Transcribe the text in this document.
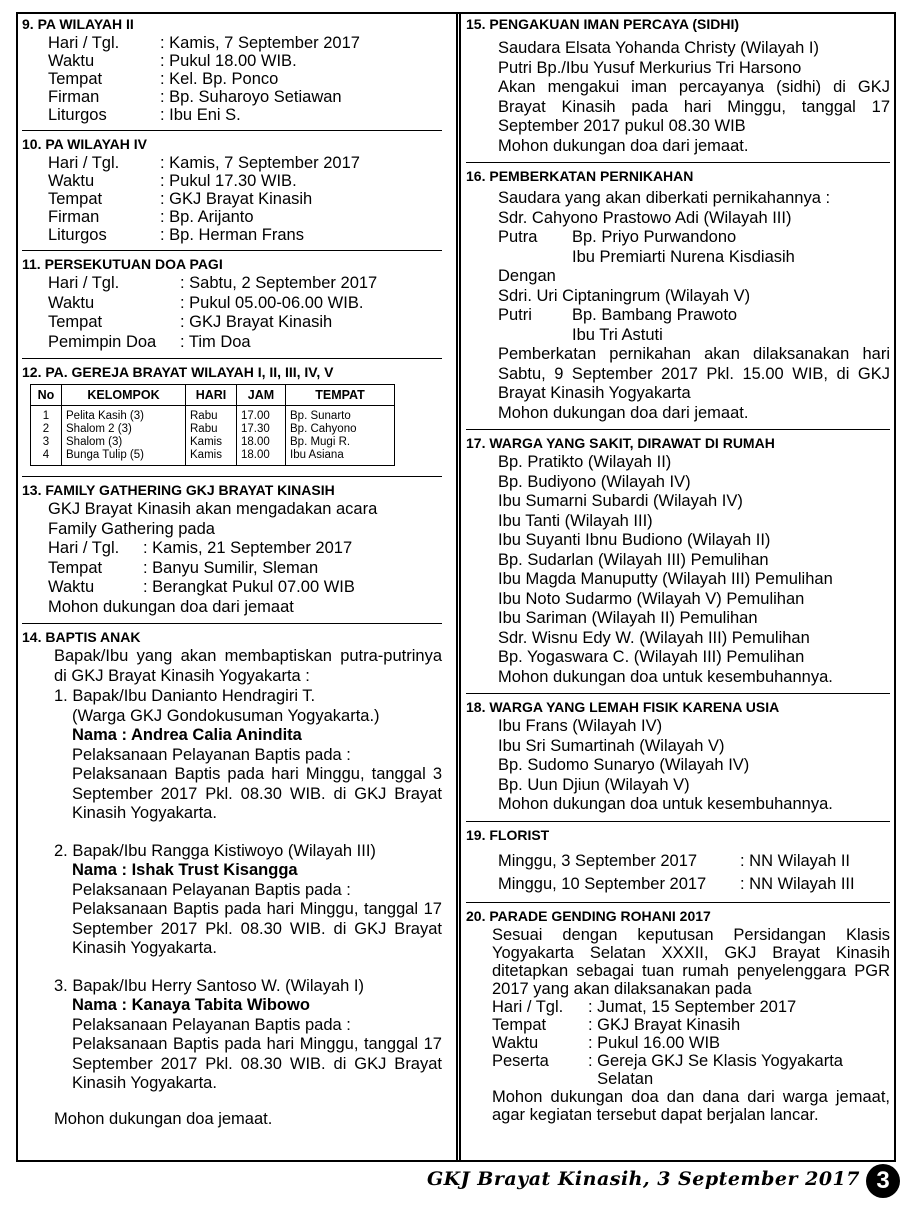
9. PA WILAYAH II
Hari / Tgl.	: Kamis, 7 September 2017
Waktu	: Pukul 18.00 WIB.
Tempat	: Kel. Bp. Ponco
Firman	: Bp. Suharoyo Setiawan
Liturgos	: Ibu Eni S.
10. PA WILAYAH IV
Hari / Tgl.	: Kamis, 7 September 2017
Waktu	: Pukul 17.30 WIB.
Tempat	: GKJ Brayat Kinasih
Firman	: Bp. Arijanto
Liturgos	: Bp. Herman Frans
11. PERSEKUTUAN DOA PAGI
Hari / Tgl.	: Sabtu, 2 September 2017
Waktu	: Pukul 05.00-06.00 WIB.
Tempat	: GKJ Brayat Kinasih
Pemimpin Doa	: Tim Doa
12. PA. GEREJA BRAYAT WILAYAH I, II, III, IV, V
No	KELOMPOK	HARI	JAM	TEMPAT
1	Pelita Kasih (3)	Rabu	17.00	Bp. Sunarto
2	Shalom 2 (3)	Rabu	17.30	Bp. Cahyono
3	Shalom (3)	Kamis	18.00	Bp. Mugi R.
4	Bunga Tulip (5)	Kamis	18.00	Ibu Asiana
13. FAMILY GATHERING GKJ BRAYAT KINASIH
GKJ Brayat Kinasih akan mengadakan acara
Family Gathering pada
Hari / Tgl.	: Kamis, 21 September 2017
Tempat	: Banyu Sumilir, Sleman
Waktu	: Berangkat Pukul 07.00 WIB
Mohon dukungan doa dari jemaat
14. BAPTIS ANAK
Bapak/Ibu yang akan membaptiskan putra-putrinya di GKJ Brayat Kinasih Yogyakarta :
1. Bapak/Ibu Danianto Hendragiri T.
(Warga GKJ Gondokusuman Yogyakarta.)
Nama : Andrea Calia Anindita
Pelaksanaan Pelayanan Baptis pada :
Pelaksanaan Baptis pada hari Minggu, tanggal 3 September 2017 Pkl. 08.30 WIB. di GKJ Brayat Kinasih Yogyakarta.
2. Bapak/Ibu Rangga Kistiwoyo (Wilayah III)
Nama : Ishak Trust Kisangga
Pelaksanaan Pelayanan Baptis pada :
Pelaksanaan Baptis pada hari Minggu, tanggal 17 September 2017 Pkl. 08.30 WIB. di GKJ Brayat Kinasih Yogyakarta.
3. Bapak/Ibu Herry Santoso W. (Wilayah I)
Nama : Kanaya Tabita Wibowo
Pelaksanaan Pelayanan Baptis pada :
Pelaksanaan Baptis pada hari Minggu, tanggal 17 September 2017 Pkl. 08.30 WIB. di GKJ Brayat Kinasih Yogyakarta.
Mohon dukungan doa jemaat.
15. PENGAKUAN IMAN PERCAYA (SIDHI)
Saudara Elsata Yohanda Christy (Wilayah I)
Putri Bp./Ibu Yusuf Merkurius Tri Harsono
Akan mengakui iman percayanya (sidhi) di GKJ Brayat Kinasih pada hari Minggu, tanggal 17 September 2017 pukul 08.30 WIB
Mohon dukungan doa dari jemaat.
16. PEMBERKATAN PERNIKAHAN
Saudara yang akan diberkati pernikahannya :
Sdr. Cahyono Prastowo Adi (Wilayah III)
Putra	Bp. Priyo Purwandono
Ibu Premiarti Nurena Kisdiasih
Dengan
Sdri. Uri Ciptaningrum (Wilayah V)
Putri	Bp. Bambang Prawoto
Ibu Tri Astuti
Pemberkatan pernikahan akan dilaksanakan hari Sabtu, 9 September 2017 Pkl. 15.00 WIB, di GKJ Brayat Kinasih Yogyakarta
Mohon dukungan doa dari jemaat.
17. WARGA YANG SAKIT, DIRAWAT DI RUMAH
Bp. Pratikto (Wilayah II)
Bp. Budiyono (Wilayah IV)
Ibu Sumarni Subardi (Wilayah IV)
Ibu Tanti (Wilayah III)
Ibu Suyanti Ibnu Budiono (Wilayah II)
Bp. Sudarlan (Wilayah III) Pemulihan
Ibu Magda Manuputty (Wilayah III) Pemulihan
Ibu Noto Sudarmo (Wilayah V) Pemulihan
Ibu Sariman (Wilayah II) Pemulihan
Sdr. Wisnu Edy W. (Wilayah III) Pemulihan
Bp. Yogaswara C. (Wilayah III) Pemulihan
Mohon dukungan doa untuk kesembuhannya.
18. WARGA YANG LEMAH FISIK KARENA USIA
Ibu Frans (Wilayah IV)
Ibu Sri Sumartinah (Wilayah V)
Bp. Sudomo Sunaryo (Wilayah IV)
Bp. Uun Djiun (Wilayah V)
Mohon dukungan doa untuk kesembuhannya.
19. FLORIST
Minggu, 3 September 2017	: NN Wilayah II
Minggu, 10 September 2017	: NN Wilayah III
20. PARADE GENDING ROHANI 2017
Sesuai dengan keputusan Persidangan Klasis Yogyakarta Selatan XXXII, GKJ Brayat Kinasih ditetapkan sebagai tuan rumah penyelenggara PGR 2017 yang akan dilaksanakan pada
Hari / Tgl.	: Jumat, 15 September 2017
Tempat	: GKJ Brayat Kinasih
Waktu	: Pukul 16.00 WIB
Peserta	: Gereja GKJ Se Klasis Yogyakarta
Selatan
Mohon dukungan doa dan dana dari warga jemaat, agar kegiatan tersebut dapat berjalan lancar.
GKJ Brayat Kinasih, 3 September 2017 3
